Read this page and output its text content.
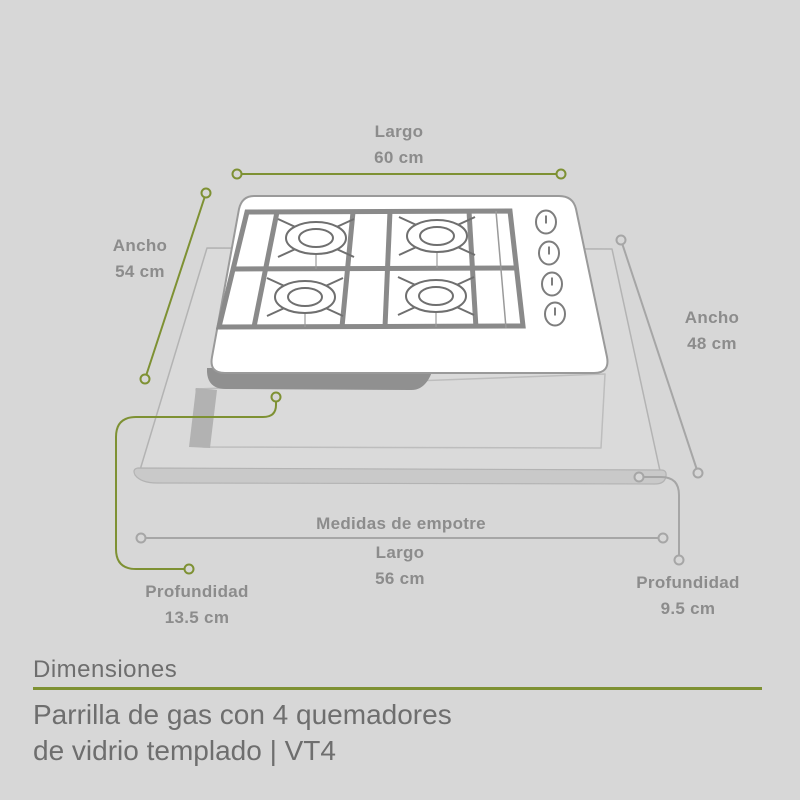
Largo
60 cm
Ancho
54 cm
Ancho
48 cm
Medidas de empotre
Largo
56 cm
Profundidad
13.5 cm
Profundidad
9.5 cm
Dimensiones
Parrilla de gas con 4 quemadores
de vidrio templado | VT4
